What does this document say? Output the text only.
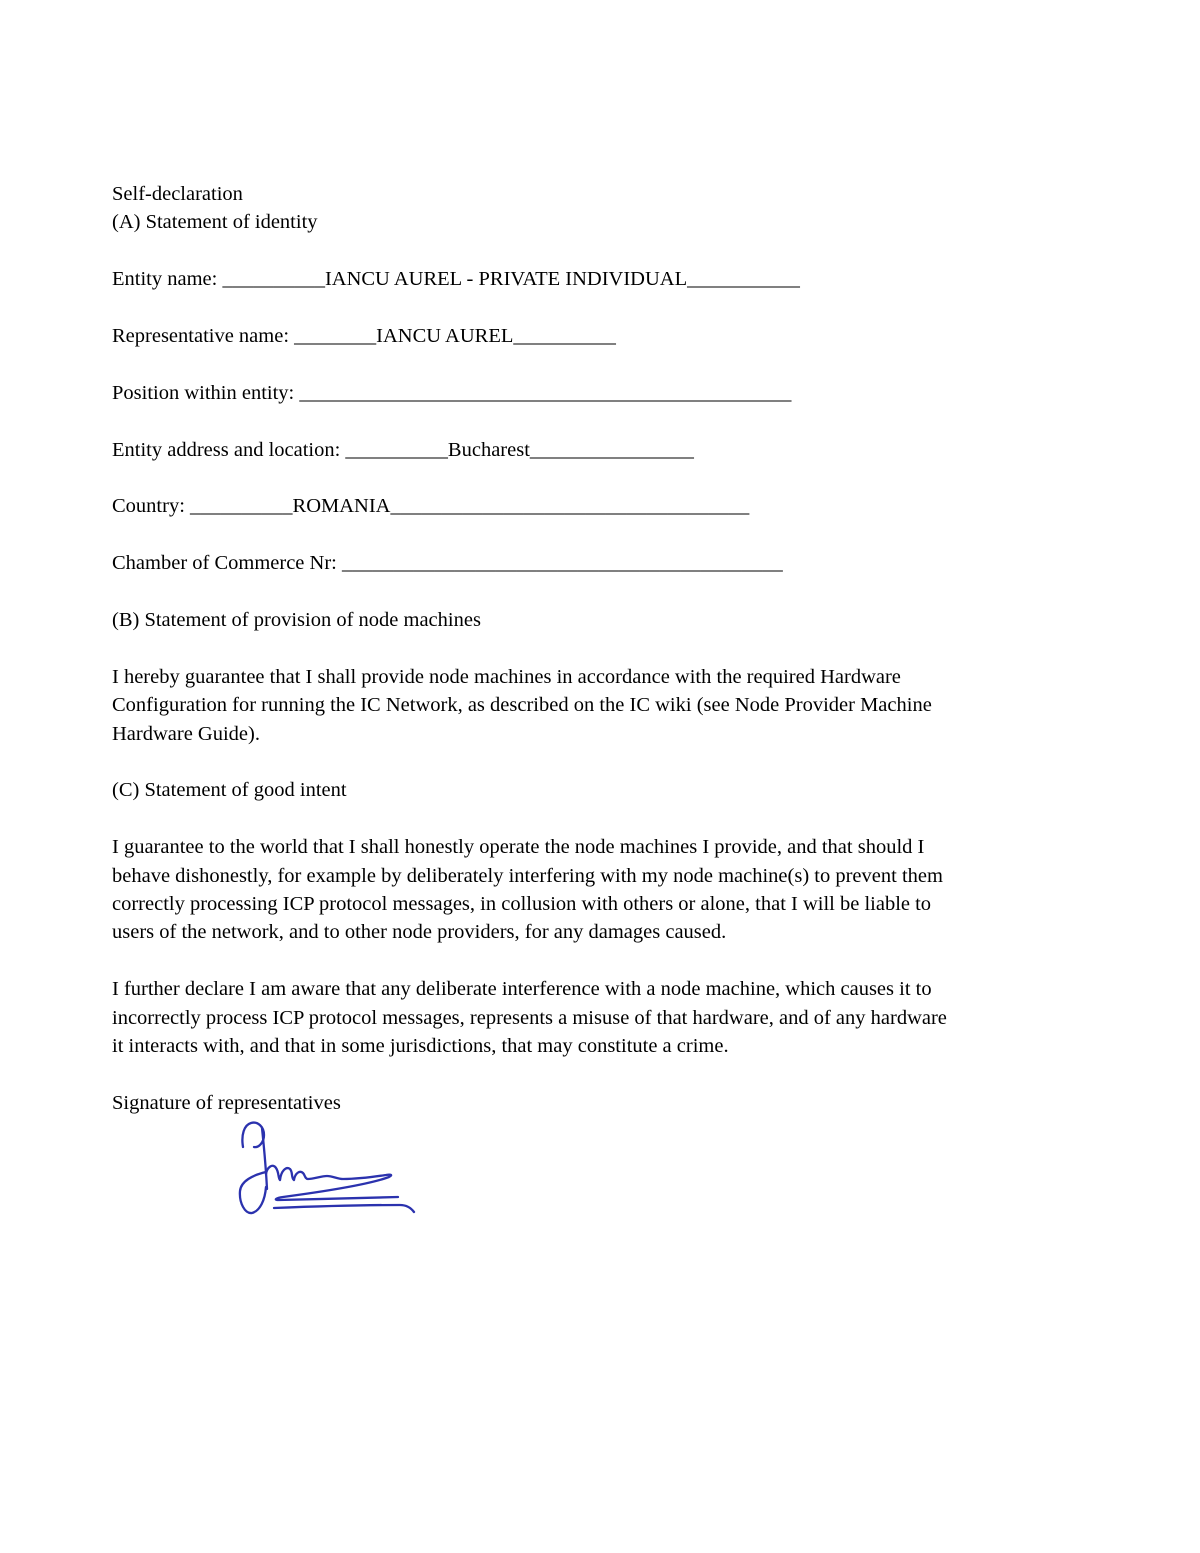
Self-declaration
(A) Statement of identity
Entity name: __________IANCU AUREL - PRIVATE INDIVIDUAL___________
Representative name: ________IANCU AUREL__________
Position within entity: ________________________________________________
Entity address and location: __________Bucharest________________
Country: __________ROMANIA___________________________________
Chamber of Commerce Nr: ___________________________________________
(B) Statement of provision of node machines
I hereby guarantee that I shall provide node machines in accordance with the required Hardware
Configuration for running the IC Network, as described on the IC wiki (see Node Provider Machine
Hardware Guide).
(C) Statement of good intent
I guarantee to the world that I shall honestly operate the node machines I provide, and that should I
behave dishonestly, for example by deliberately interfering with my node machine(s) to prevent them
correctly processing ICP protocol messages, in collusion with others or alone, that I will be liable to
users of the network, and to other node providers, for any damages caused.
I further declare I am aware that any deliberate interference with a node machine, which causes it to
incorrectly process ICP protocol messages, represents a misuse of that hardware, and of any hardware
it interacts with, and that in some jurisdictions, that may constitute a crime.
Signature of representatives
